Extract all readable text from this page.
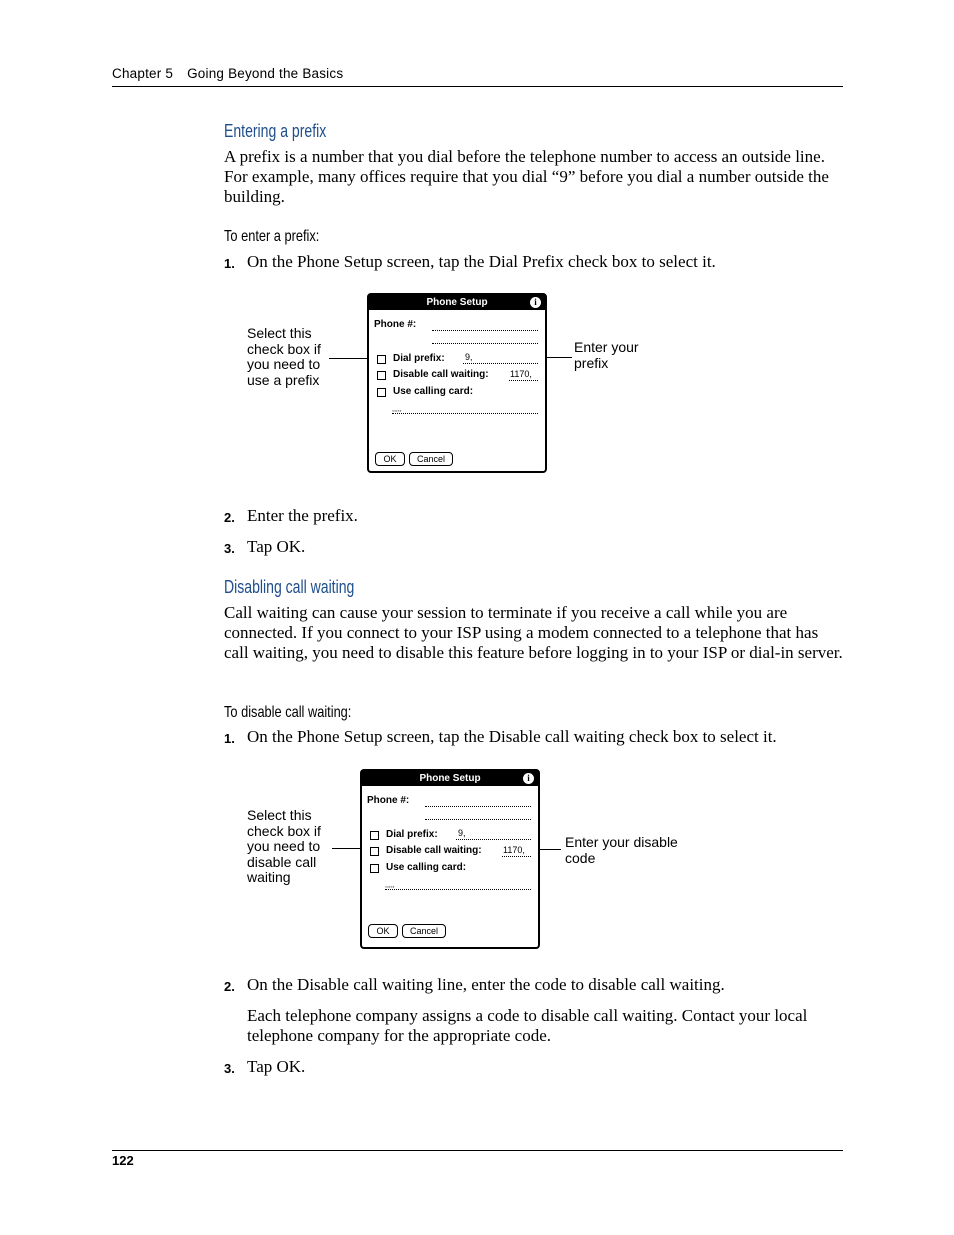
Chapter 5 Going Beyond the Basics
Entering a prefix
A prefix is a number that you dial before the telephone number to access an outside line. For example, many offices require that you dial “9” before you dial a number outside the building.
To enter a prefix:
1. On the Phone Setup screen, tap the Dial Prefix check box to select it.
Select this
check box if
you need to
use a prefix
Enter your
prefix
Phone Setup	i
Phone #:
Dial prefix: 9,
Disable call waiting: 1170,
Use calling card:
,,,,,
OK	Cancel
2. Enter the prefix.
3. Tap OK.
Disabling call waiting
Call waiting can cause your session to terminate if you receive a call while you are connected. If you connect to your ISP using a modem connected to a telephone that has call waiting, you need to disable this feature before logging in to your ISP or dial-in server.
To disable call waiting:
1. On the Phone Setup screen, tap the Disable call waiting check box to select it.
Select this
check box if
you need to
disable call
waiting
Enter your disable
code
Phone Setup	i
Phone #:
Dial prefix: 9,
Disable call waiting: 1170,
Use calling card:
,,,,,
OK	Cancel
2. On the Disable call waiting line, enter the code to disable call waiting.
Each telephone company assigns a code to disable call waiting. Contact your local telephone company for the appropriate code.
3. Tap OK.
122
